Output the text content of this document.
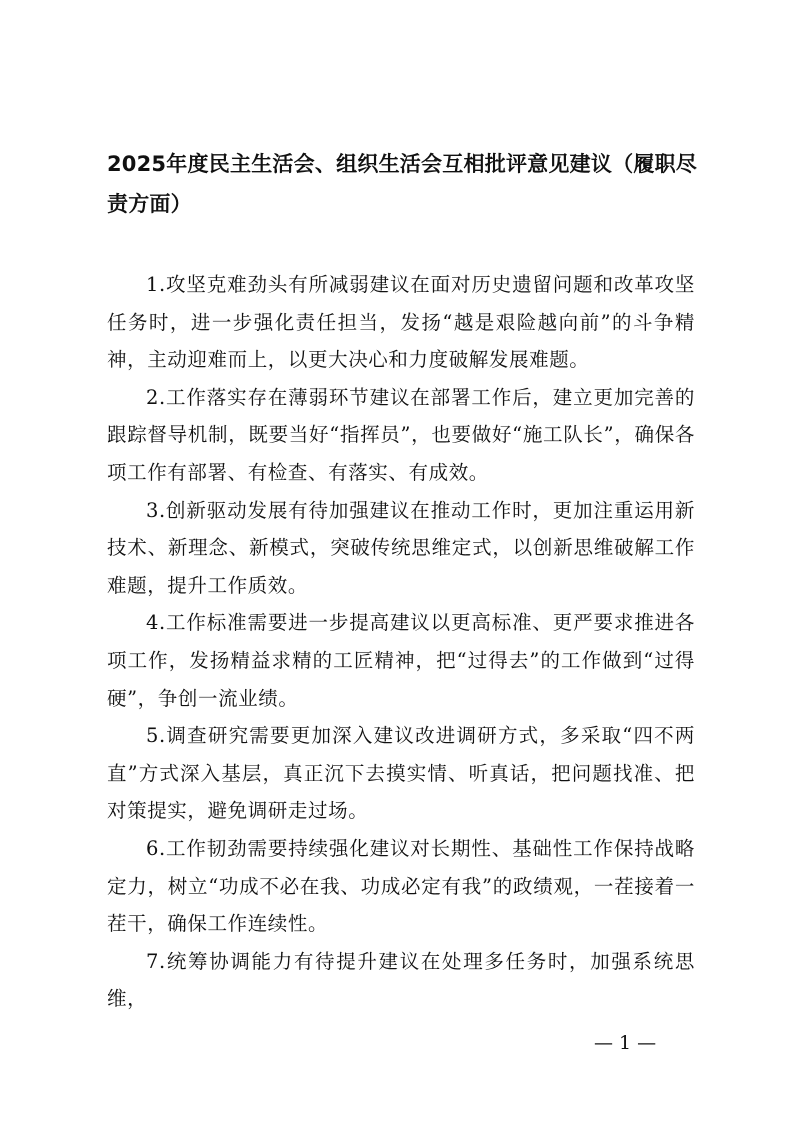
2025年度民主生活会、组织生活会互相批评意见建议（履职尽责方面）

1.攻坚克难劲头有所减弱建议在面对历史遗留问题和改革攻坚任务时，进一步强化责任担当，发扬“越是艰险越向前”的斗争精神，主动迎难而上，以更大决心和力度破解发展难题。

2.工作落实存在薄弱环节建议在部署工作后，建立更加完善的跟踪督导机制，既要当好“指挥员”，也要做好“施工队长”，确保各项工作有部署、有检查、有落实、有成效。

3.创新驱动发展有待加强建议在推动工作时，更加注重运用新技术、新理念、新模式，突破传统思维定式，以创新思维破解工作难题，提升工作质效。

4.工作标准需要进一步提高建议以更高标准、更严要求推进各项工作，发扬精益求精的工匠精神，把“过得去”的工作做到“过得硬”，争创一流业绩。

5.调查研究需要更加深入建议改进调研方式，多采取“四不两直”方式深入基层，真正沉下去摸实情、听真话，把问题找准、把对策提实，避免调研走过场。

6.工作韧劲需要持续强化建议对长期性、基础性工作保持战略定力，树立“功成不必在我、功成必定有我”的政绩观，一茬接着一茬干，确保工作连续性。

7.统筹协调能力有待提升建议在处理多任务时，加强系统思维，

— 1 —
